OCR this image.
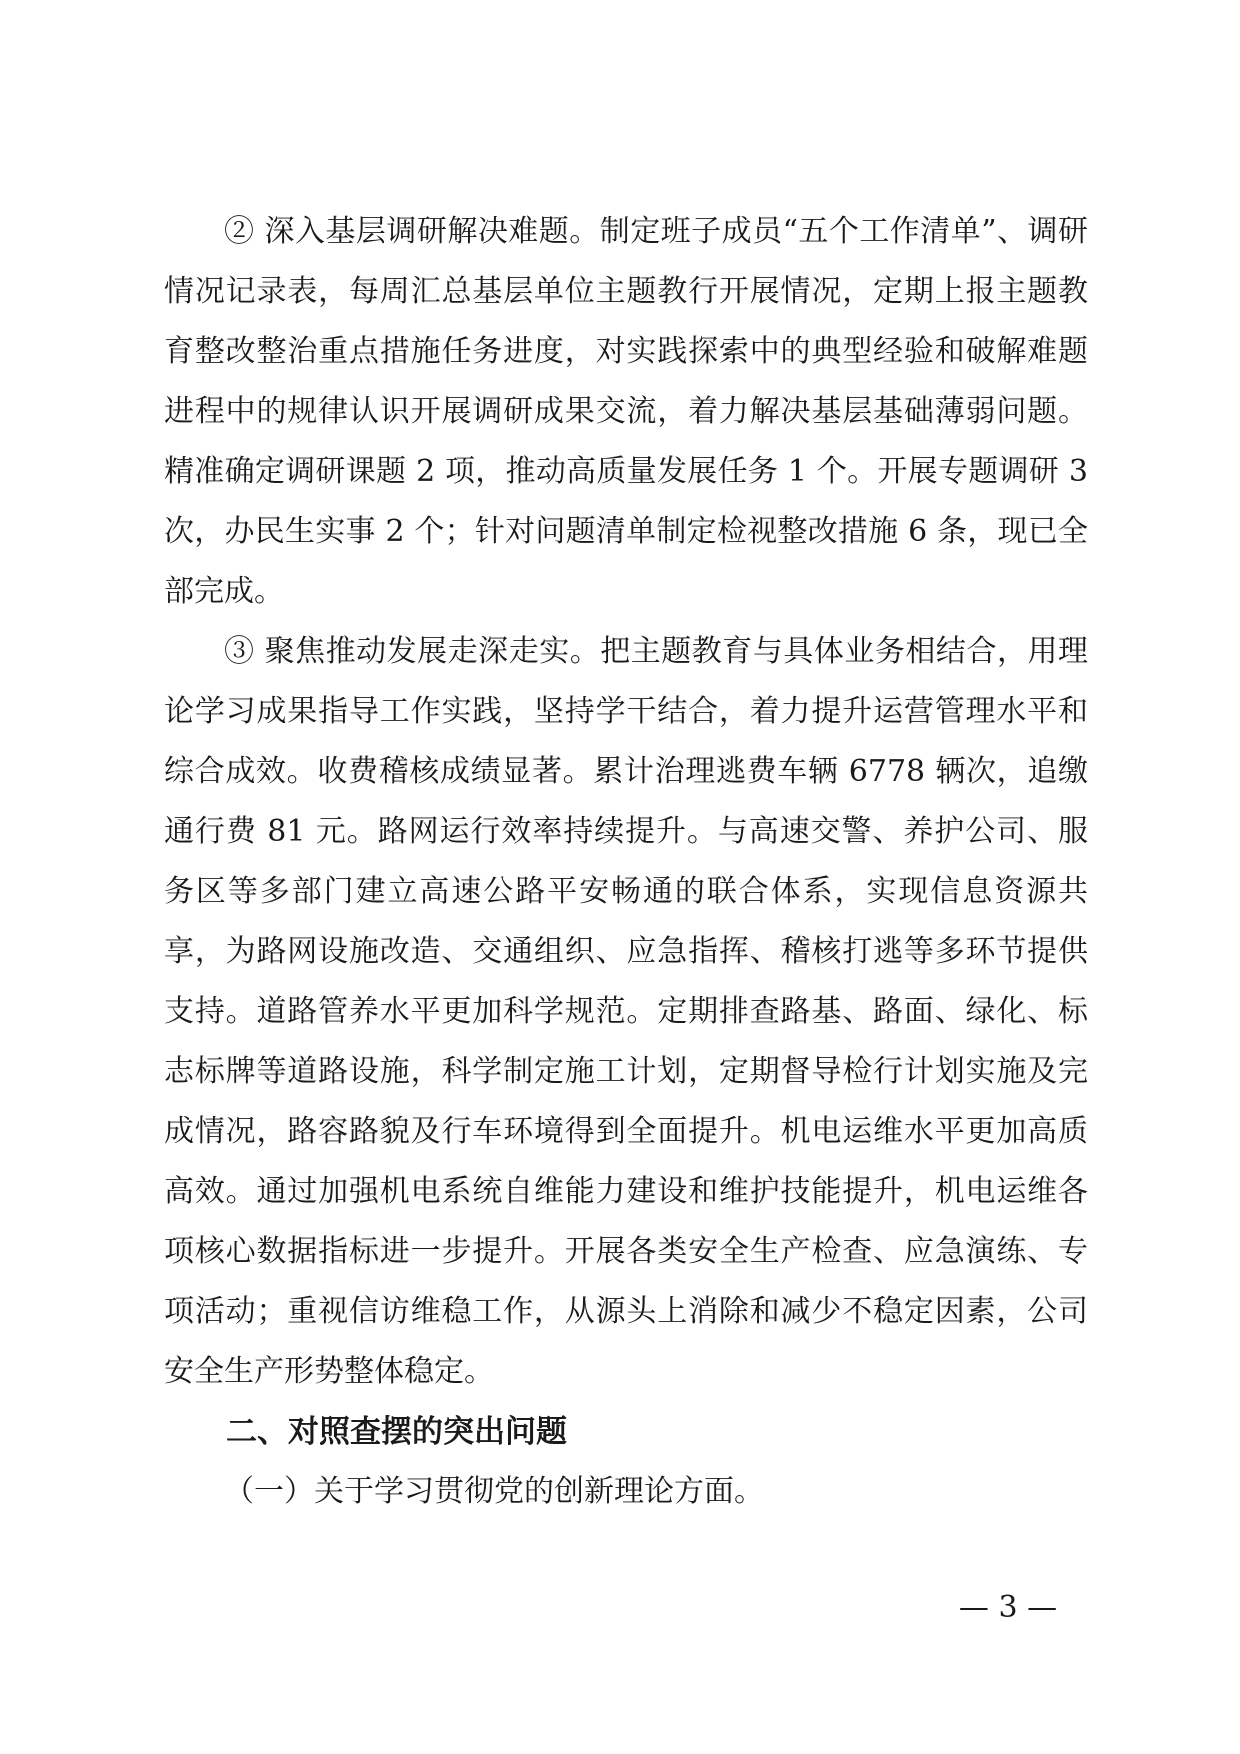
② 深入基层调研解决难题。制定班子成员“五个工作清单”、调研情况记录表，每周汇总基层单位主题教行开展情况，定期上报主题教育整改整治重点措施任务进度，对实践探索中的典型经验和破解难题进程中的规律认识开展调研成果交流，着力解决基层基础薄弱问题。精准确定调研课题 2 项，推动高质量发展任务 1 个。开展专题调研 3 次，办民生实事 2 个；针对问题清单制定检视整改措施 6 条，现已全部完成。

③ 聚焦推动发展走深走实。把主题教育与具体业务相结合，用理论学习成果指导工作实践，坚持学干结合，着力提升运营管理水平和综合成效。收费稽核成绩显著。累计治理逃费车辆 6778 辆次，追缴通行费 81 元。路网运行效率持续提升。与高速交警、养护公司、服务区等多部门建立高速公路平安畅通的联合体系，实现信息资源共享，为路网设施改造、交通组织、应急指挥、稽核打逃等多环节提供支持。道路管养水平更加科学规范。定期排查路基、路面、绿化、标志标牌等道路设施，科学制定施工计划，定期督导检行计划实施及完成情况，路容路貌及行车环境得到全面提升。机电运维水平更加高质高效。通过加强机电系统自维能力建设和维护技能提升，机电运维各项核心数据指标进一步提升。开展各类安全生产检查、应急演练、专项活动；重视信访维稳工作，从源头上消除和减少不稳定因素，公司安全生产形势整体稳定。

二、对照查摆的突出问题

（一）关于学习贯彻党的创新理论方面。

— 3 —
